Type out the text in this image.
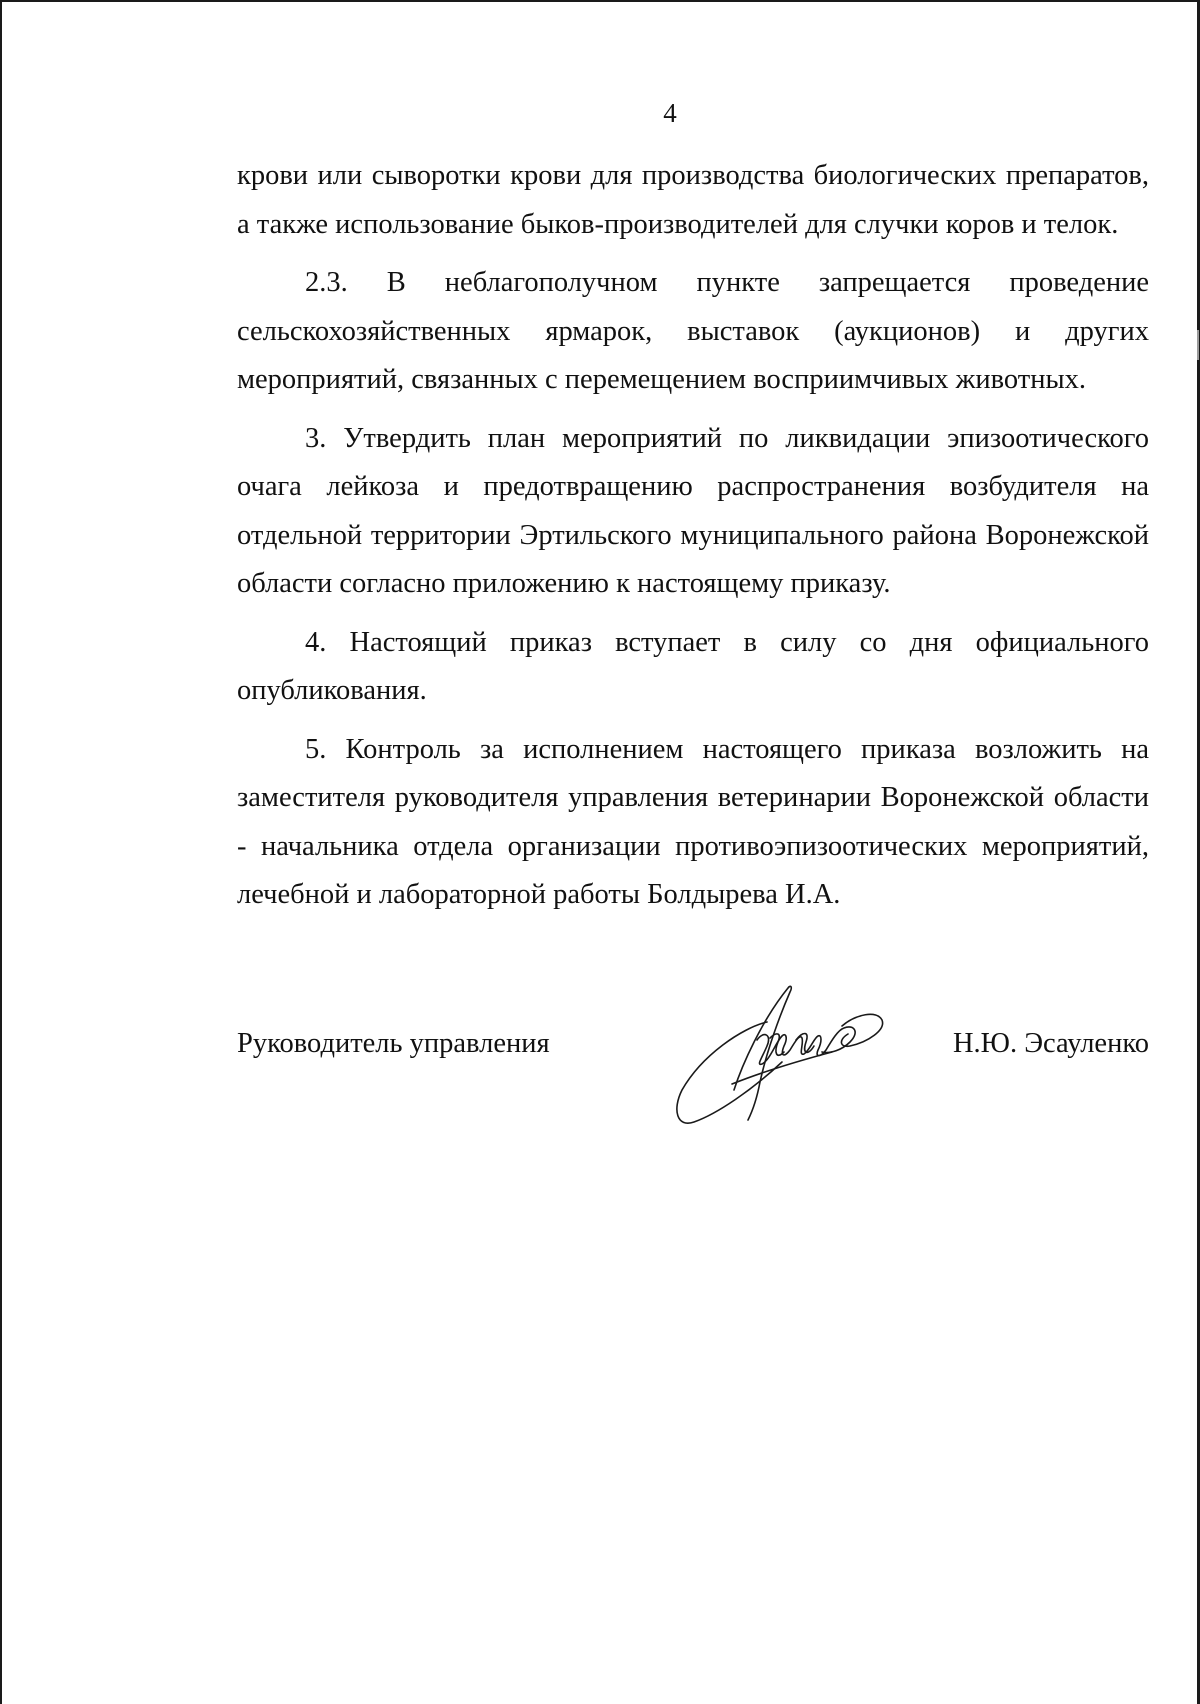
4

крови или сыворотки крови для производства биологических препаратов, а также использование быков-производителей для случки коров и телок.

2.3. В неблагополучном пункте запрещается проведение сельскохозяйственных ярмарок, выставок (аукционов) и других мероприятий, связанных с перемещением восприимчивых животных.

3. Утвердить план мероприятий по ликвидации эпизоотического очага лейкоза и предотвращению распространения возбудителя на отдельной территории Эртильского муниципального района Воронежской области согласно приложению к настоящему приказу.

4. Настоящий приказ вступает в силу со дня официального опубликования.

5. Контроль за исполнением настоящего приказа возложить на заместителя руководителя управления ветеринарии Воронежской области - начальника отдела организации противоэпизоотических мероприятий, лечебной и лабораторной работы Болдырева И.А.

Руководитель управления	Н.Ю. Эсауленко
